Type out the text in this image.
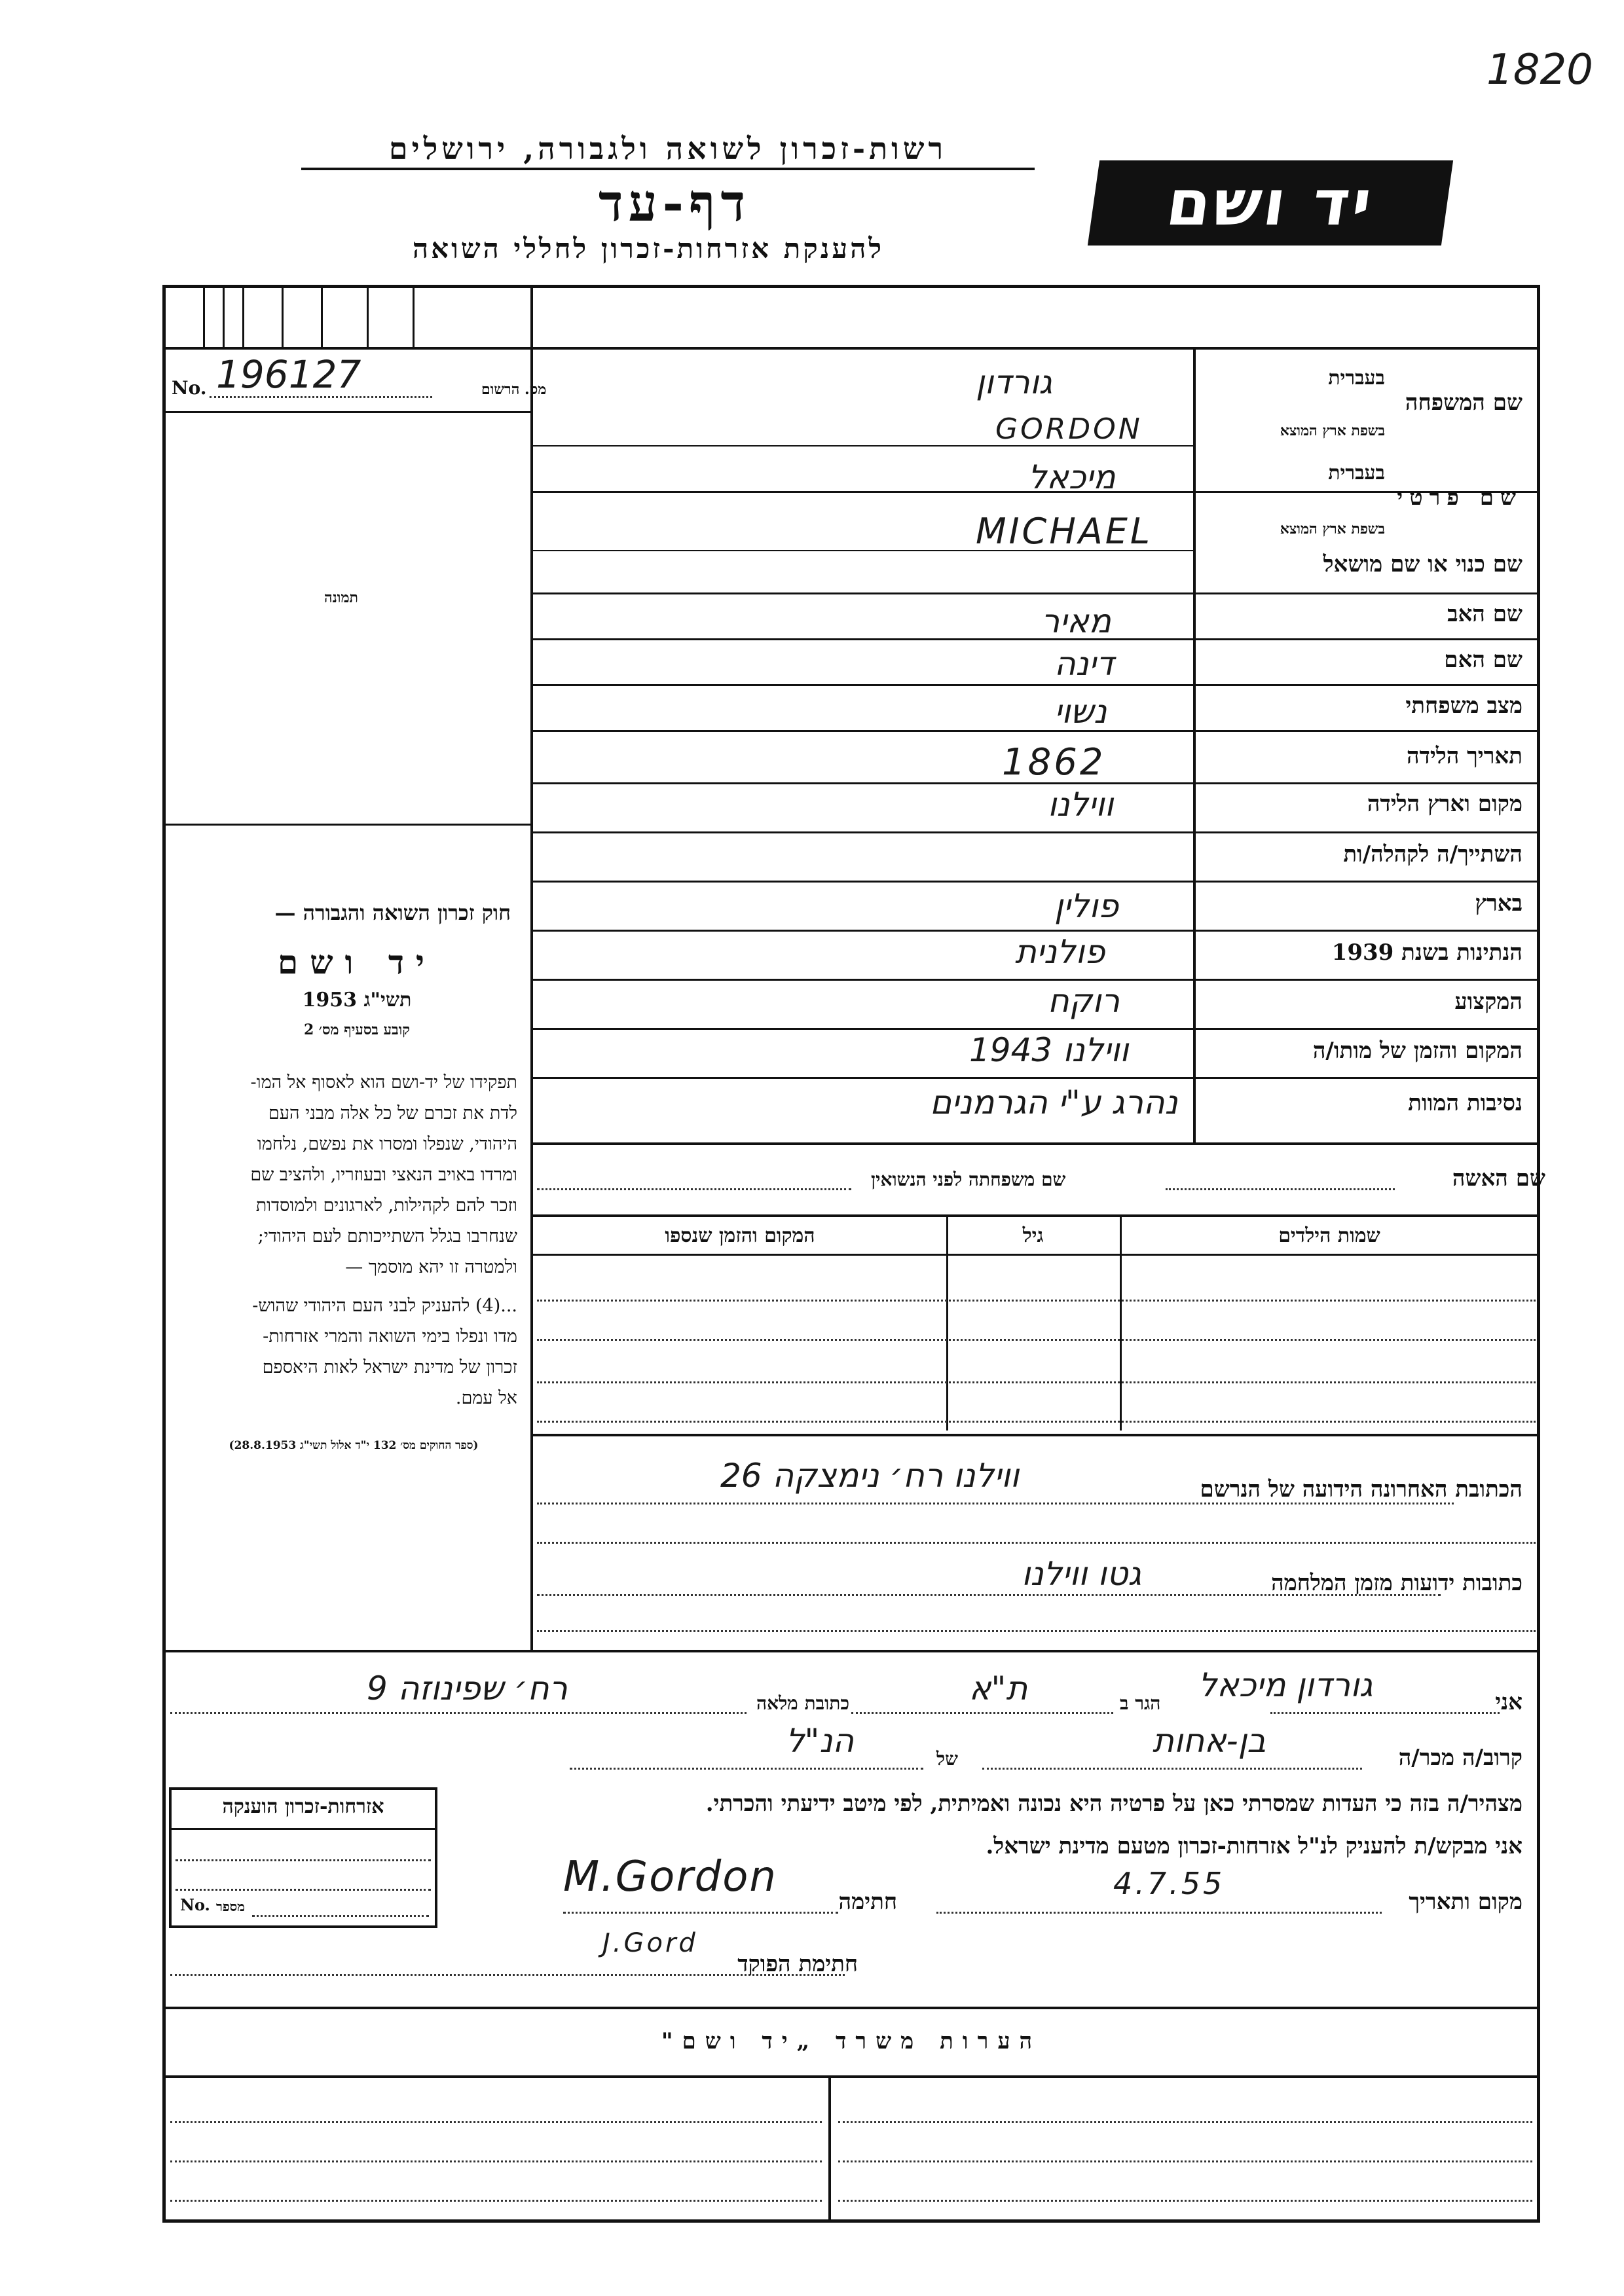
1820
רשות-זכרון לשואה ולגבורה, ירושלים
דף-עד
להענקת אזרחות-זכרון לחללי השואה
יד ושם
מס. הרשום
No. 196127
תמונה
חוק זכרון השואה והגבורה —
יד ושם
תשי"ג 1953
קובע בסעיף מס׳ 2
תפקידו של יד-ושם הוא לאסוף אל המו-
לדת את זכרם של כל אלה מבני העם
היהודי, שנפלו ומסרו את נפשם, נלחמו
ומרדו באויב הנאצי ובעוזריו, ולהציב שם
וזכר להם לקהילות, לארגונים ולמוסדות
שנחרבו בגלל השתייכותם לעם היהודי;
ולמטרה זו יהא מוסמך —
...(4) להעניק לבני העם היהודי שהוש-
מדו ונפלו בימי השואה והמרי אזרחות-
זכרון של מדינת ישראל לאות היאספם
אל עמם.
(ספר החוקים מס׳ 132 י"ד אלול תשי"ג 28.8.1953)
שם המשפחה
בעברית
בשפת ארץ המוצא
גורדון
GORDON
שם פרטי
בעברית
בשפת ארץ המוצא
מיכאל
MICHAEL
שם כנוי או שם מושאל
שם האב
מאיר
שם האם
דינה
מצב משפחתי
נשוי
תאריך הלידה
1862
מקום וארץ הלידה
ווילנו
השתייך/ה לקהלה/ות
בארץ
פולין
הנתינות בשנת 1939
פולנית
המקצוע
רוקח
המקום והזמן של מותו/ה
ווילנו 1943
נסיבות המוות
נהרג ע"י הגרמנים
שם האשה
שם משפחתה לפני הנשואין
שמות הילדים
גיל
המקום והזמן שנספו
הכתובת האחרונה הידועה של הנרשם
ווילנו רח׳ נימצקה 26
כתובות ידועות מזמן המלחמה
גטו ווילנו
אני
גורדון מיכאל
הגר ב
ת"א
כתובת מלאה
רח׳ שפינוזה 9
קרוב/ה מכר/ה
בן-אחות
של
הנ"ל
מצהיר/ה בזה כי העדות שמסרתי כאן על פרטיה היא נכונה ואמיתית, לפי מיטב ידיעתי והכרתי.
אני מבקש/ת להעניק לנ"ל אזרחות-זכרון מטעם מדינת ישראל.
מקום ותאריך
4.7.55
חתימה
M.Gordon
חתימת הפוקד
J.Gord
אזרחות-זכרון הוענקה
No. מספר
הערות משרד „יד ושם"
